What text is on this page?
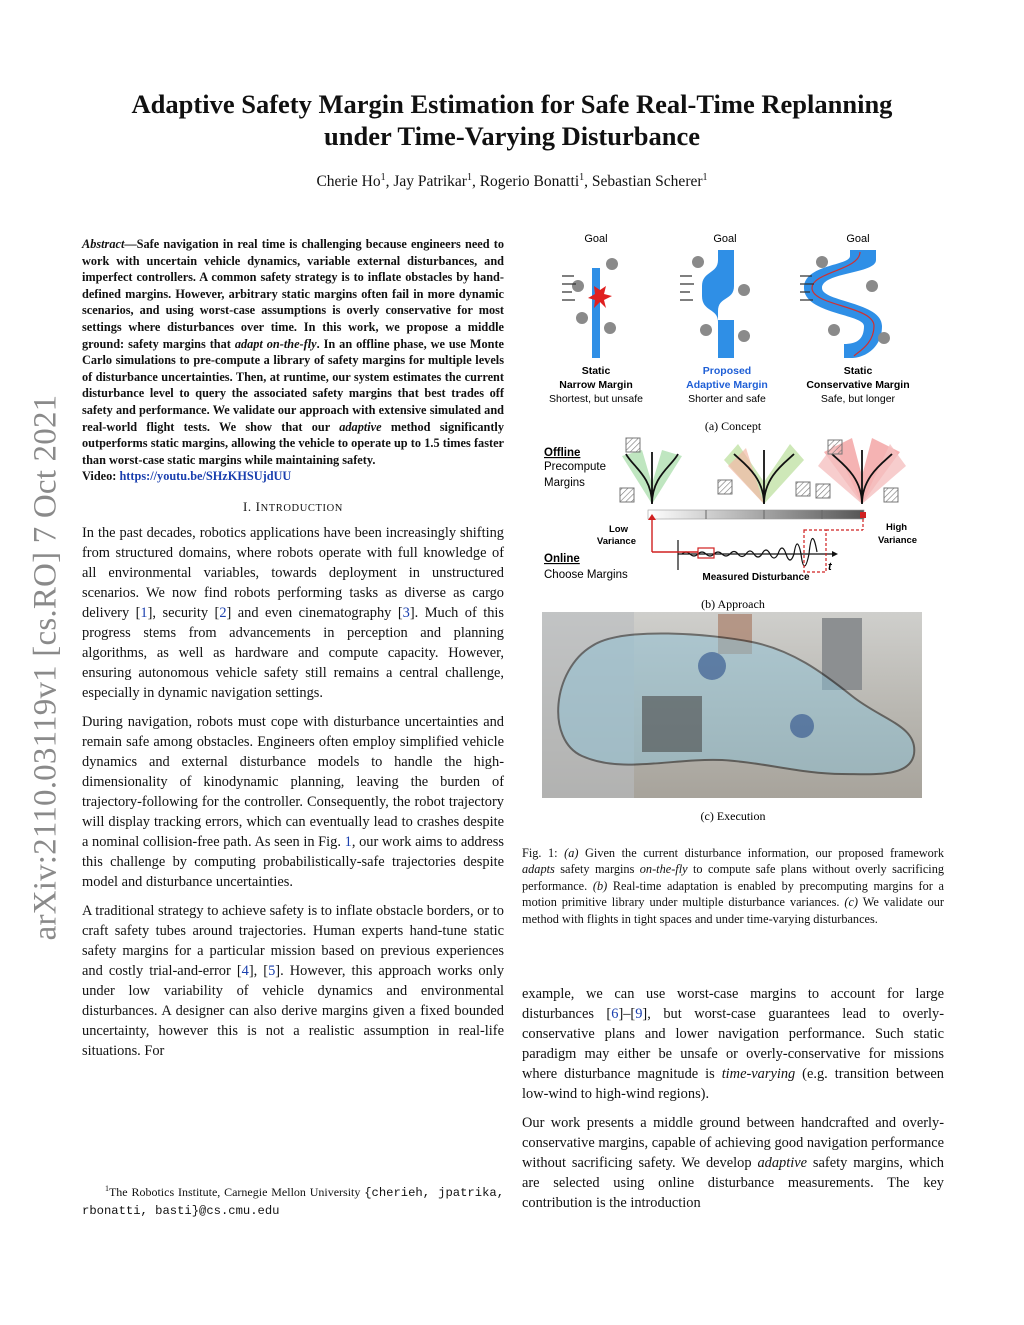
arXiv:2110.03119v1 [cs.RO] 7 Oct 2021
Adaptive Safety Margin Estimation for Safe Real-Time Replanning
under Time-Varying Disturbance
Cherie Ho$^1$, Jay Patrikar$^1$, Rogerio Bonatti$^1$, Sebastian Scherer$^1$

Abstract—Safe navigation in real time is challenging because engineers need to work with uncertain vehicle dynamics, variable external disturbances, and imperfect controllers. A common safety strategy is to inflate obstacles by hand-defined margins. However, arbitrary static margins often fail in more dynamic scenarios, and using worst-case assumptions is overly conservative for most settings where disturbances over time. In this work, we propose a middle ground: safety margins that adapt on-the-fly. In an offline phase, we use Monte Carlo simulations to pre-compute a library of safety margins for multiple levels of disturbance uncertainties. Then, at runtime, our system estimates the current disturbance level to query the associated safety margins that best trades off safety and performance. We validate our approach with extensive simulated and real-world flight tests. We show that our adaptive method significantly outperforms static margins, allowing the vehicle to operate up to 1.5 times faster than worst-case static margins while maintaining safety.

Video: https://youtu.be/SHzKHSUjdUU

I. INTRODUCTION

In the past decades, robotics applications have been increasingly shifting from structured domains, where robots operate with full knowledge of all environmental variables, towards deployment in unstructured scenarios. We now find robots performing tasks as diverse as cargo delivery [1], security [2] and even cinematography [3]. Much of this progress stems from advancements in perception and planning algorithms, as well as hardware and compute capacity. However, ensuring autonomous vehicle safety still remains a central challenge, especially in dynamic navigation settings.

During navigation, robots must cope with disturbance uncertainties and remain safe among obstacles. Engineers often employ simplified vehicle dynamics and external disturbance models to handle the high-dimensionality of kinodynamic planning, leaving the burden of trajectory-following for the controller. Consequently, the robot trajectory will display tracking errors, which can eventually lead to crashes despite a nominal collision-free path. As seen in Fig. 1, our work aims to address this challenge by computing probabilistically-safe trajectories despite model and disturbance uncertainties.

A traditional strategy to achieve safety is to inflate obstacle borders, or to craft safety tubes around trajectories. Human experts hand-tune static safety margins for a particular mission based on previous experiences and costly trial-and-error [4], [5]. However, this approach works only under low variability of vehicle dynamics and environmental disturbances. A designer can also derive margins given a fixed bounded uncertainty, however this is not a realistic assumption in real-life situations. For

$^1$The Robotics Institute, Carnegie Mellon University {cherieh, jpatrika, rbonatti, basti}@cs.cmu.edu
Goal
Static
Narrow Margin
Shortest, but unsafe
Goal
Proposed
Adaptive Margin
Shorter and safe
Goal
Static
Conservative Margin
Safe, but longer
(a) Concept
Offline
Precompute
Margins
Low
Variance
High
Variance
Online
Choose Margins
t
Measured Disturbance
(b) Approach
(c) Execution

Fig. 1: (a) Given the current disturbance information, our proposed framework adapts safety margins on-the-fly to compute safe plans without overly sacrificing performance. (b) Real-time adaptation is enabled by precomputing margins for a motion primitive library under multiple disturbance variances. (c) We validate our method with flights in tight spaces and under time-varying disturbances.

example, we can use worst-case margins to account for large disturbances [6]–[9], but worst-case guarantees lead to overly-conservative plans and lower navigation performance. Such static paradigm may either be unsafe or overly-conservative for missions where disturbance magnitude is time-varying (e.g. transition between low-wind to high-wind regions).

Our work presents a middle ground between handcrafted and overly-conservative margins, capable of achieving good navigation performance without sacrificing safety. We develop adaptive safety margins, which are selected using online disturbance measurements. The key contribution is the introduction
